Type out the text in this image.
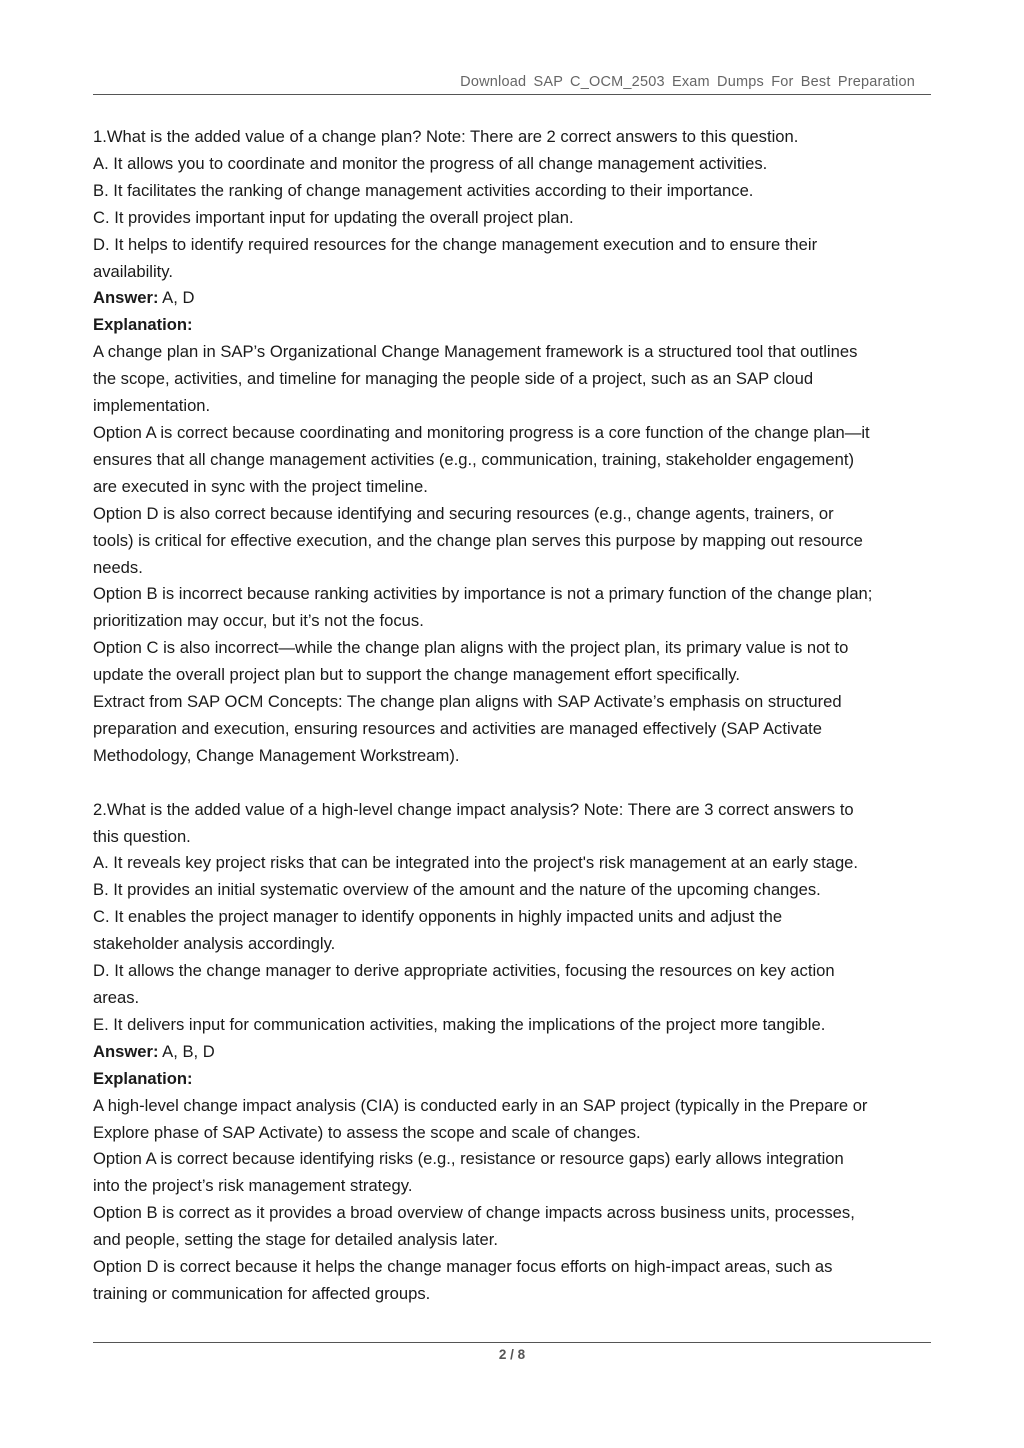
Download SAP C_OCM_2503 Exam Dumps For Best Preparation

1.What is the added value of a change plan? Note: There are 2 correct answers to this question.

A. It allows you to coordinate and monitor the progress of all change management activities.

B. It facilitates the ranking of change management activities according to their importance.

C. It provides important input for updating the overall project plan.

D. It helps to identify required resources for the change management execution and to ensure their

availability.

Answer: A, D

Explanation:

A change plan in SAP’s Organizational Change Management framework is a structured tool that outlines

the scope, activities, and timeline for managing the people side of a project, such as an SAP cloud

implementation.

Option A is correct because coordinating and monitoring progress is a core function of the change plan—it

ensures that all change management activities (e.g., communication, training, stakeholder engagement)

are executed in sync with the project timeline.

Option D is also correct because identifying and securing resources (e.g., change agents, trainers, or

tools) is critical for effective execution, and the change plan serves this purpose by mapping out resource

needs.

Option B is incorrect because ranking activities by importance is not a primary function of the change plan;

prioritization may occur, but it’s not the focus.

Option C is also incorrect—while the change plan aligns with the project plan, its primary value is not to

update the overall project plan but to support the change management effort specifically.

Extract from SAP OCM Concepts: The change plan aligns with SAP Activate’s emphasis on structured

preparation and execution, ensuring resources and activities are managed effectively (SAP Activate

Methodology, Change Management Workstream).

2.What is the added value of a high-level change impact analysis? Note: There are 3 correct answers to

this question.

A. It reveals key project risks that can be integrated into the project's risk management at an early stage.

B. It provides an initial systematic overview of the amount and the nature of the upcoming changes.

C. It enables the project manager to identify opponents in highly impacted units and adjust the

stakeholder analysis accordingly.

D. It allows the change manager to derive appropriate activities, focusing the resources on key action

areas.

E. It delivers input for communication activities, making the implications of the project more tangible.

Answer: A, B, D

Explanation:

A high-level change impact analysis (CIA) is conducted early in an SAP project (typically in the Prepare or

Explore phase of SAP Activate) to assess the scope and scale of changes.

Option A is correct because identifying risks (e.g., resistance or resource gaps) early allows integration

into the project’s risk management strategy.

Option B is correct as it provides a broad overview of change impacts across business units, processes,

and people, setting the stage for detailed analysis later.

Option D is correct because it helps the change manager focus efforts on high-impact areas, such as

training or communication for affected groups.

2 / 8
